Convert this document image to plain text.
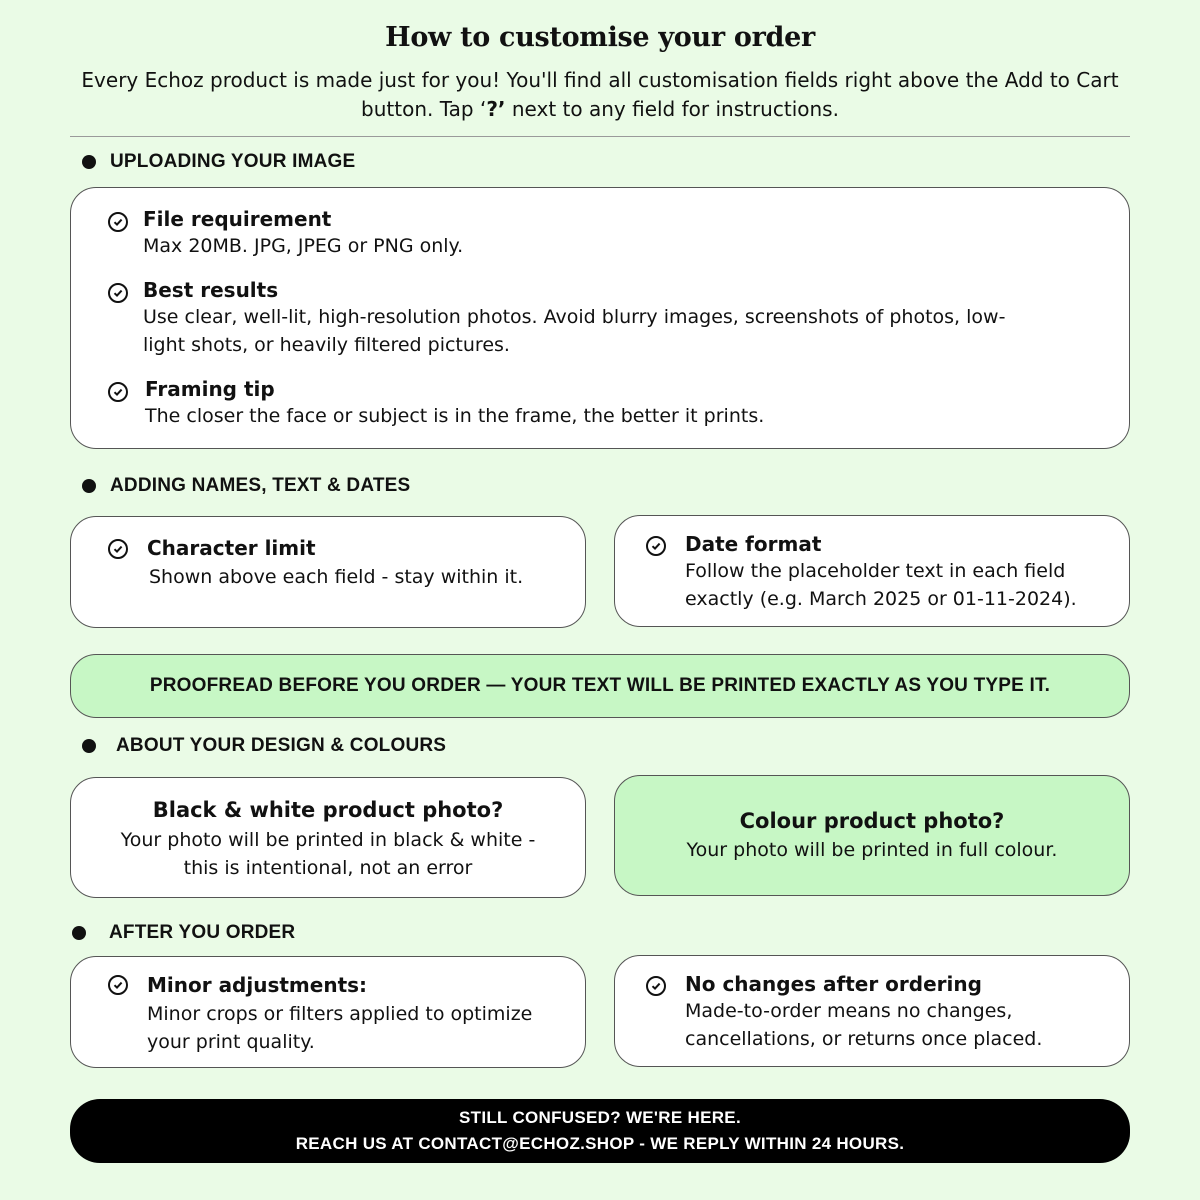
How to customise your order
Every Echoz product is made just for you! You'll find all customisation fields right above the Add to Cart
button. Tap ‘?’ next to any field for instructions.
UPLOADING YOUR IMAGE
File requirement
Max 20MB. JPG, JPEG or PNG only.
Best results
Use clear, well-lit, high-resolution photos. Avoid blurry images, screenshots of photos, low-
light shots, or heavily filtered pictures.
Framing tip
The closer the face or subject is in the frame, the better it prints.
ADDING NAMES, TEXT & DATES
Character limit
Shown above each field - stay within it.
Date format
Follow the placeholder text in each field
exactly (e.g. March 2025 or 01-11-2024).
PROOFREAD BEFORE YOU ORDER — YOUR TEXT WILL BE PRINTED EXACTLY AS YOU TYPE IT.
ABOUT YOUR DESIGN & COLOURS
Black & white product photo?
Your photo will be printed in black & white -
this is intentional, not an error
Colour product photo?
Your photo will be printed in full colour.
AFTER YOU ORDER
Minor adjustments:
Minor crops or filters applied to optimize
your print quality.
No changes after ordering
Made-to-order means no changes,
cancellations, or returns once placed.
STILL CONFUSED? WE'RE HERE.
REACH US AT CONTACT@ECHOZ.SHOP - WE REPLY WITHIN 24 HOURS.
